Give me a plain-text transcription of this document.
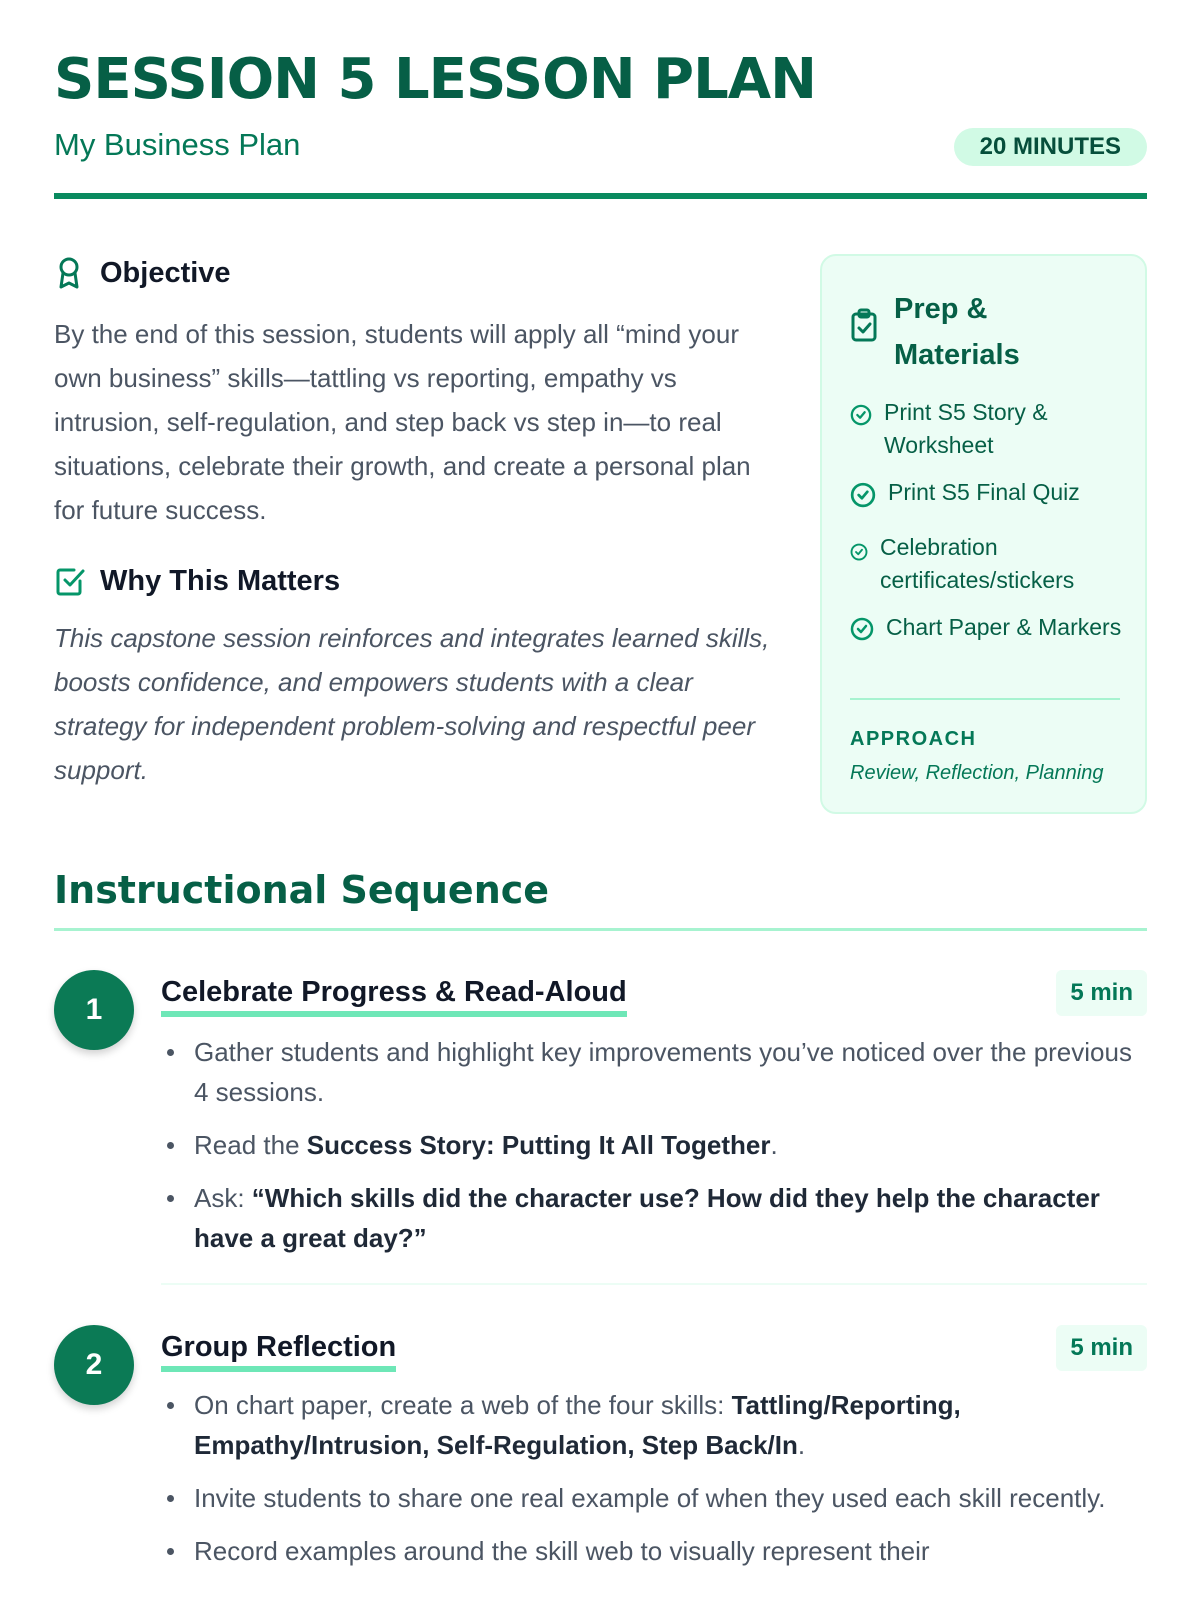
SESSION 5 LESSON PLAN

My Business Plan	20 MINUTES
Objective

By the end of this session, students will apply all “mind your own business” skills—tattling vs reporting, empathy vs intrusion, self-regulation, and step back vs step in—to real situations, celebrate their growth, and create a personal plan for future success.

Why This Matters

This capstone session reinforces and integrates learned skills, boosts confidence, and empowers students with a clear strategy for independent problem-solving and respectful peer support.

Prep & Materials
Print S5 Story & Worksheet
Print S5 Final Quiz
Celebration certificates/stickers
Chart Paper & Markers
APPROACH
Review, Reflection, Planning
Instructional Sequence
1
Celebrate Progress & Read-Aloud	5 min
Gather students and highlight key improvements you’ve noticed over the previous 4 sessions.
Read the Success Story: Putting It All Together.
Ask: “Which skills did the character use? How did they help the character have a great day?”
2
Group Reflection	5 min
On chart paper, create a web of the four skills: Tattling/Reporting, Empathy/Intrusion, Self-Regulation, Step Back/In.
Invite students to share one real example of when they used each skill recently.
Record examples around the skill web to visually represent their
